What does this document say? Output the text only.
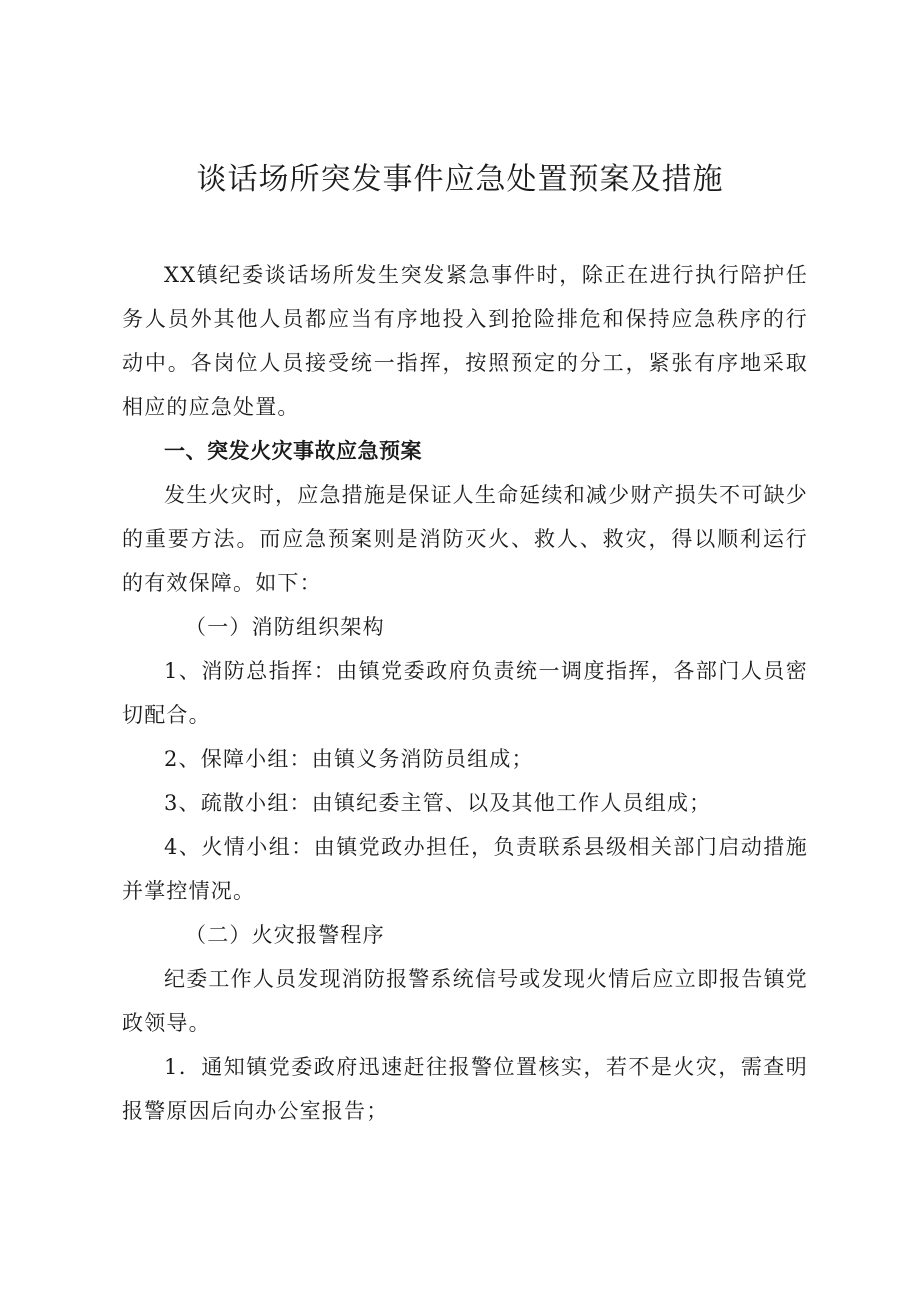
谈话场所突发事件应急处置预案及措施

XX镇纪委谈话场所发生突发紧急事件时，除正在进行执行陪护任务人员外其他人员都应当有序地投入到抢险排危和保持应急秩序的行动中。各岗位人员接受统一指挥，按照预定的分工，紧张有序地采取相应的应急处置。

一、突发火灾事故应急预案

发生火灾时，应急措施是保证人生命延续和减少财产损失不可缺少的重要方法。而应急预案则是消防灭火、救人、救灾，得以顺利运行的有效保障。如下：

（一）消防组织架构

1、消防总指挥：由镇党委政府负责统一调度指挥，各部门人员密切配合。

2、保障小组：由镇义务消防员组成；

3、疏散小组：由镇纪委主管、以及其他工作人员组成；

4、火情小组：由镇党政办担任，负责联系县级相关部门启动措施并掌控情况。

（二）火灾报警程序

纪委工作人员发现消防报警系统信号或发现火情后应立即报告镇党政领导。

1．通知镇党委政府迅速赶往报警位置核实，若不是火灾，需查明报警原因后向办公室报告；
